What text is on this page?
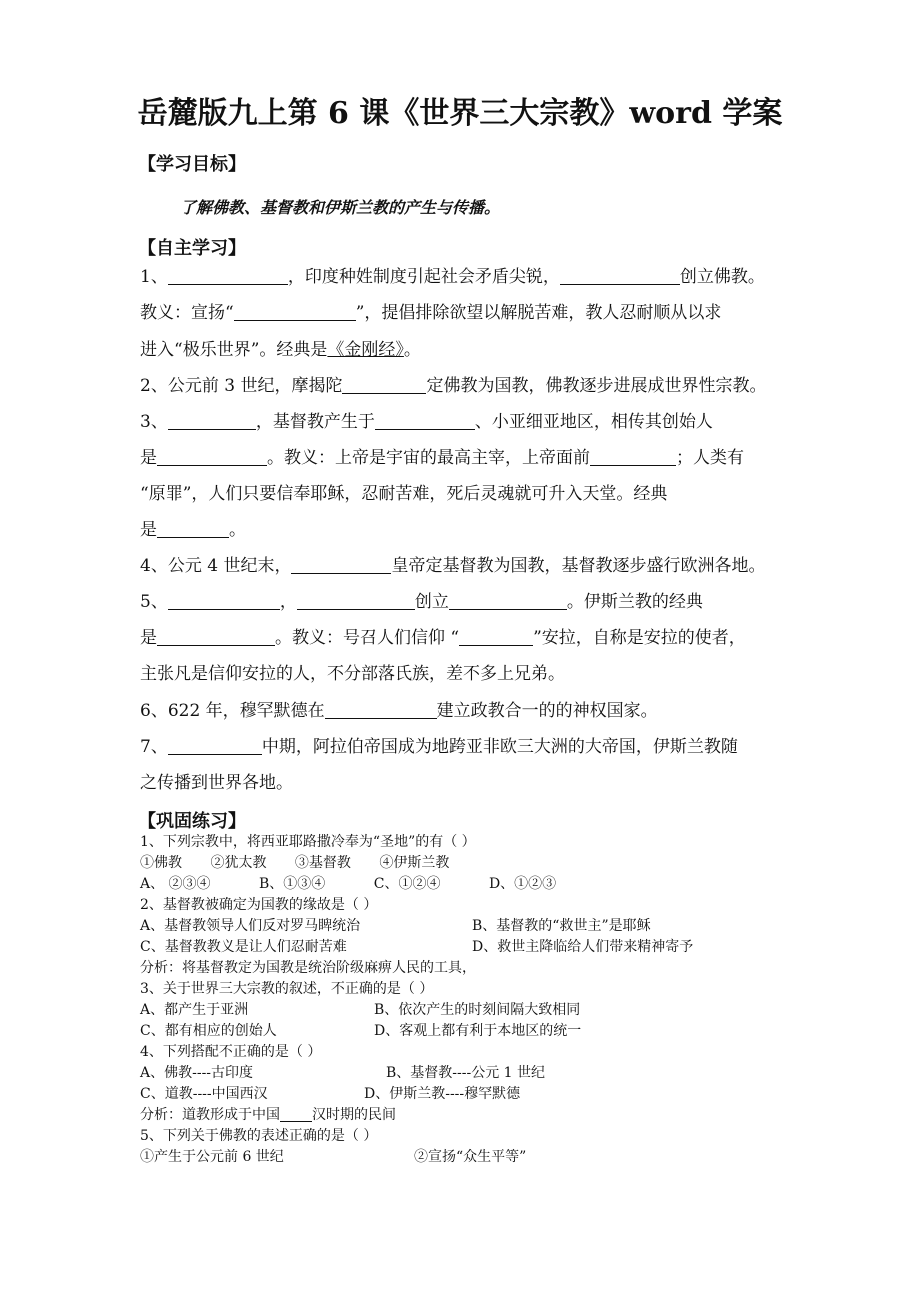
岳麓版九上第 6 课《世界三大宗教》word 学案
【学习目标】
了解佛教、基督教和伊斯兰教的产生与传播。
【自主学习】
1、	，印度种姓制度引起社会矛盾尖锐，	创立佛教。
教义：宣扬“	”，提倡排除欲望以解脱苦难，教人忍耐顺从以求
进入“极乐世界”。经典是《金刚经》。
2、公元前 3 世纪，摩揭陀	定佛教为国教，佛教逐步进展成世界性宗教。
3、	，基督教产生于	、小亚细亚地区，相传其创始人
是	。教义：上帝是宇宙的最高主宰，上帝面前	；人类有
“原罪”，人们只要信奉耶稣，忍耐苦难，死后灵魂就可升入天堂。经典
是	。
4、公元 4 世纪末，	皇帝定基督教为国教，基督教逐步盛行欧洲各地。
5、	，	创立	。伊斯兰教的经典
是	。教义：号召人们信仰 “	”安拉，自称是安拉的使者，
主张凡是信仰安拉的人，不分部落氏族，差不多上兄弟。
6、622 年，穆罕默德在	建立政教合一的的神权国家。
7、	中期，阿拉伯帝国成为地跨亚非欧三大洲的大帝国，伊斯兰教随
之传播到世界各地。
【巩固练习】
1、下列宗教中，将西亚耶路撒冷奉为“圣地”的有（ ）
①佛教 ②犹太教 ③基督教 ④伊斯兰教
A、 ②③④	B、①③④	C、①②④	D、①②③
2、基督教被确定为国教的缘故是（ ）
A、基督教领导人们反对罗马睥统治	B、基督教的“救世主”是耶稣
C、基督教教义是让人们忍耐苦难	D、救世主降临给人们带来精神寄予
分析：将基督教定为国教是统治阶级麻痹人民的工具，
3、关于世界三大宗教的叙述，不正确的是（ ）
A、都产生于亚洲	B、依次产生的时刻间隔大致相同
C、都有相应的创始人	D、客观上都有利于本地区的统一
4、下列搭配不正确的是（ ）
A、佛教----古印度	B、基督教----公元 1 世纪
C、道教----中国西汉	D、伊斯兰教----穆罕默德
分析：道教形成于中国 汉时期的民间
5、下列关于佛教的表述正确的是（ ）
①产生于公元前 6 世纪	②宣扬“众生平等”
